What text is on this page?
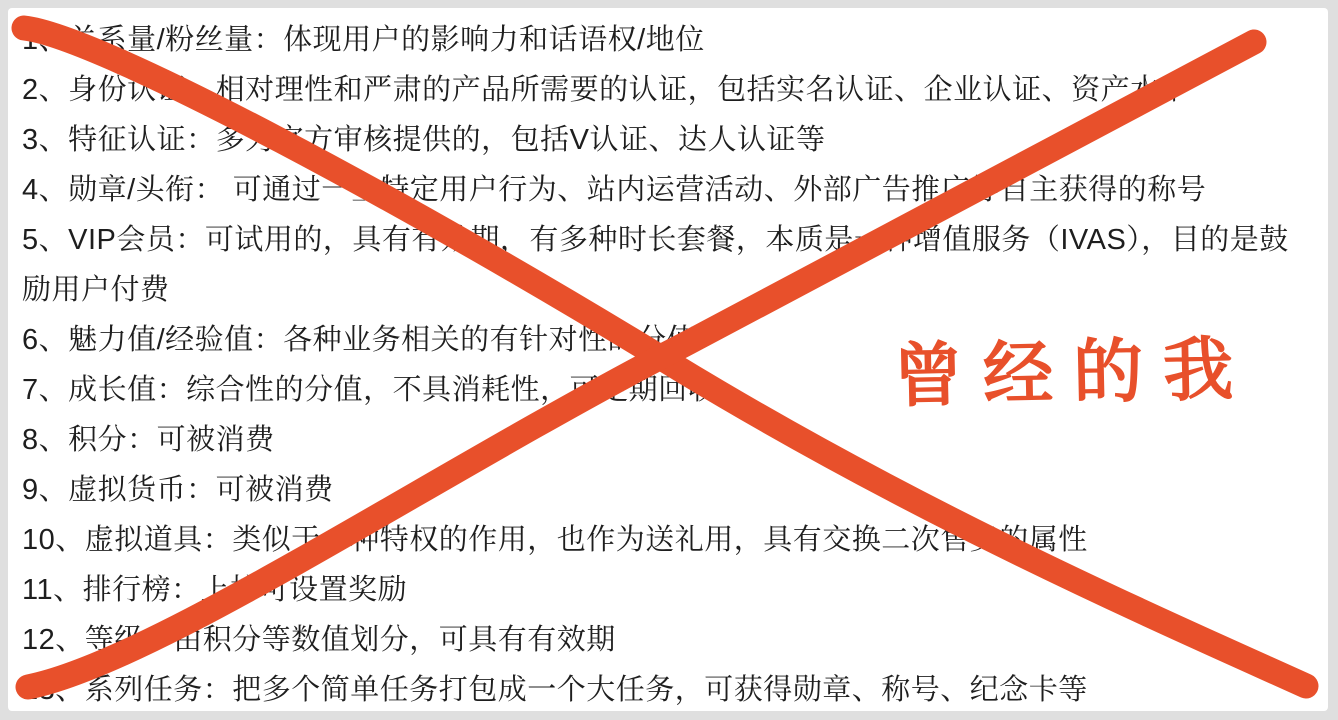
1、关系量/粉丝量：体现用户的影响力和话语权/地位
2、身份认证：相对理性和严肃的产品所需要的认证，包括实名认证、企业认证、资产水平
3、特征认证：多为官方审核提供的，包括V认证、达人认证等
4、勋章/头衔： 可通过一些特定用户行为、站内运营活动、外部广告推广等自主获得的称号
5、VIP会员：可试用的，具有有效期，有多种时长套餐，本质是一种增值服务（IVAS），目的是鼓励用户付费
6、魅力值/经验值：各种业务相关的有针对性的分值
7、成长值：综合性的分值，不具消耗性，可定期回收
8、积分：可被消费
9、虚拟货币：可被消费
10、虚拟道具：类似于一种特权的作用，也作为送礼用，具有交换二次售卖的属性
11、排行榜：上榜可设置奖励
12、等级：由积分等数值划分，可具有有效期
13、系列任务：把多个简单任务打包成一个大任务，可获得勋章、称号、纪念卡等
曾经的我
